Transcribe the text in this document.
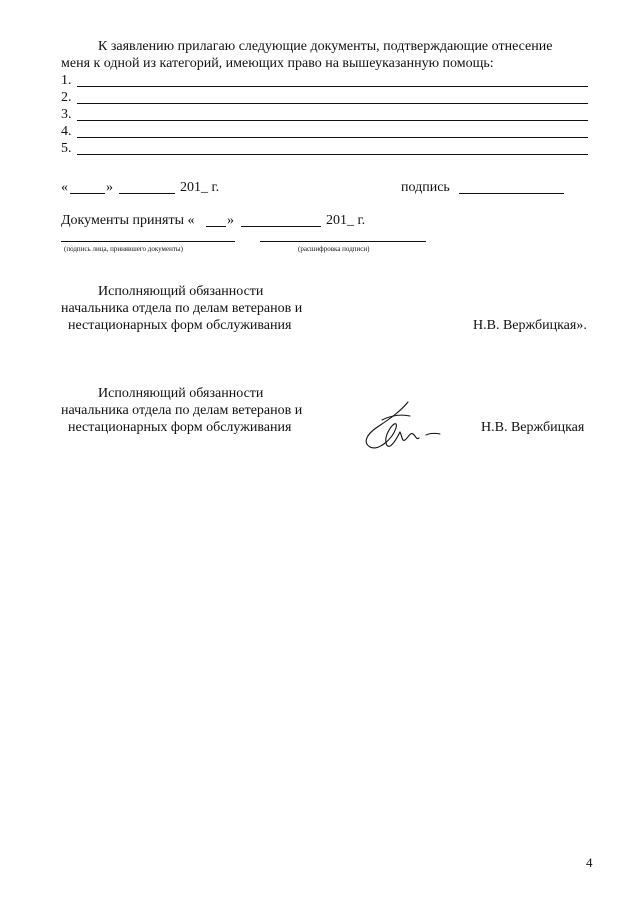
К заявлению прилагаю следующие документы, подтверждающие отнесение
меня к одной из категорий, имеющих право на вышеуказанную помощь:
1.
2.
3.
4.
5.
«	»	201_ г.	подпись
Документы приняты « »	201_ г.
(подпись лица, принявшего документы)	(расшифровка подписи)
Исполняющий обязанности
начальника отдела по делам ветеранов и
нестационарных форм обслуживания	Н.В. Вержбицкая».
Исполняющий обязанности
начальника отдела по делам ветеранов и
нестационарных форм обслуживания	Н.В. Вержбицкая
4
